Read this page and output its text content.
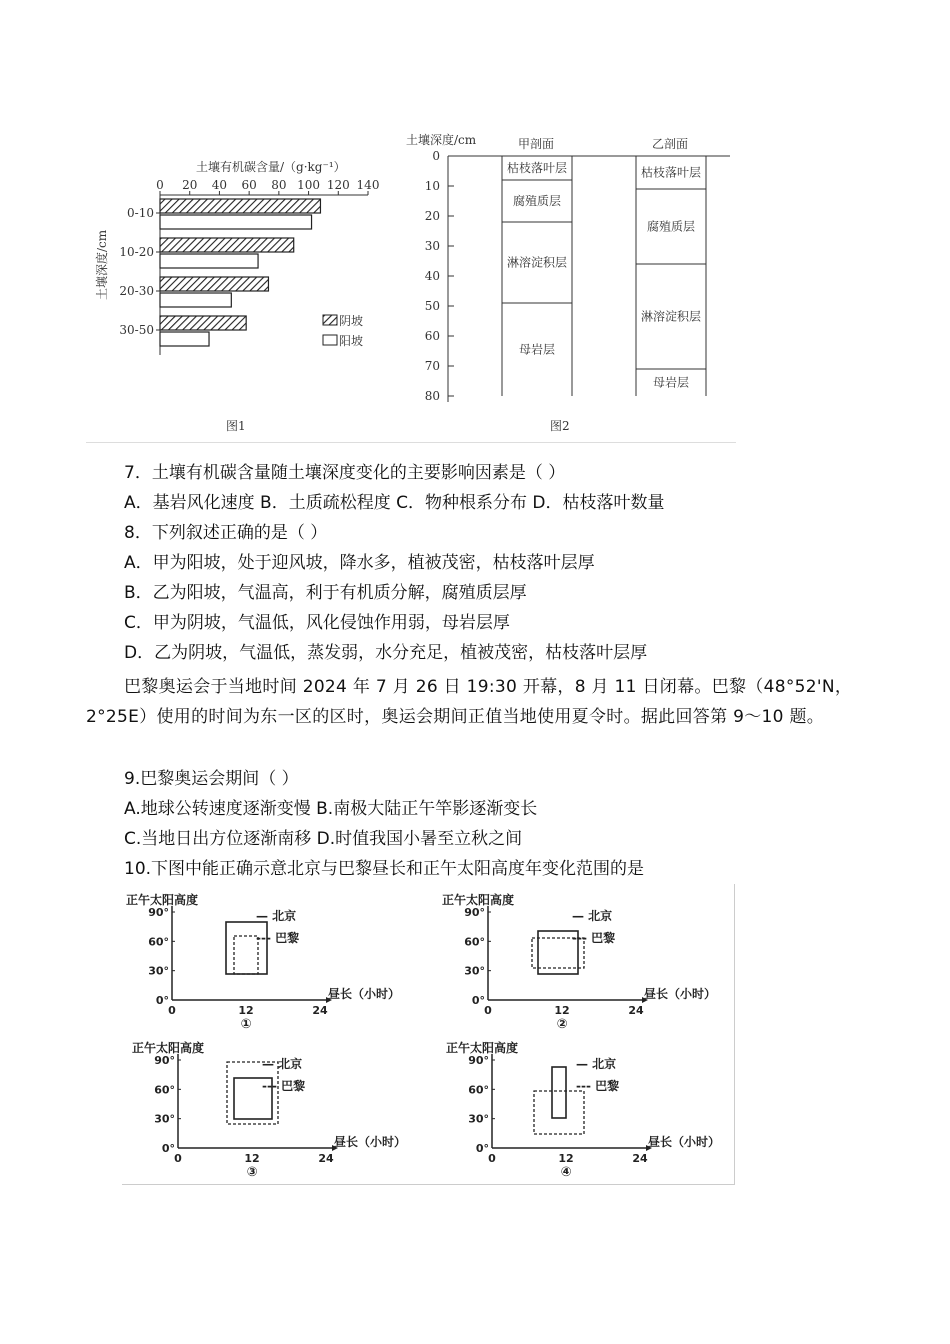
土壤有机碳含量/（g·kg⁻¹）
0 20 40 60 80 100 120 140
土壤深度/cm
0-10
10-20
20-30
30-50
阴坡
阳坡
图1
土壤深度/cm	甲剖面	乙剖面
0
10
20
30
40
50
60
70
80
枯枝落叶层
腐殖质层
淋溶淀积层
母岩层
枯枝落叶层
腐殖质层
淋溶淀积层
母岩层
图2
7．土壤有机碳含量随土壤深度变化的主要影响因素是（ ）
A．基岩风化速度 B．土质疏松程度 C．物种根系分布 D．枯枝落叶数量
8．下列叙述正确的是（ ）
A．甲为阳坡，处于迎风坡，降水多，植被茂密，枯枝落叶层厚
B．乙为阳坡，气温高，利于有机质分解，腐殖质层厚
C．甲为阴坡，气温低，风化侵蚀作用弱，母岩层厚
D．乙为阴坡，气温低，蒸发弱，水分充足，植被茂密，枯枝落叶层厚
巴黎奥运会于当地时间 2024 年 7 月 26 日 19:30 开幕，8 月 11 日闭幕。巴黎（48°52'N，2°25E）使用的时间为东一区的区时，奥运会期间正值当地使用夏令时。据此回答第 9～10 题。
9.巴黎奥运会期间（ ）
A.地球公转速度逐渐变慢 B.南极大陆正午竿影逐渐变长
C.当地日出方位逐渐南移 D.时值我国小暑至立秋之间
10.下图中能正确示意北京与巴黎昼长和正午太阳高度年变化范围的是
正午太阳高度
0°
30°
60°
90°
0	12	24
昼长（小时）
— 北京
--- 巴黎
①
正午太阳高度
0°
30°
60°
90°
0	12	24
昼长（小时）
— 北京
--- 巴黎
②
正午太阳高度
0°
30°
60°
90°
0	12	24
昼长（小时）
— 北京
--- 巴黎
③
正午太阳高度
0°
30°
60°
90°
0	12	24
昼长（小时）
— 北京
--- 巴黎
④
